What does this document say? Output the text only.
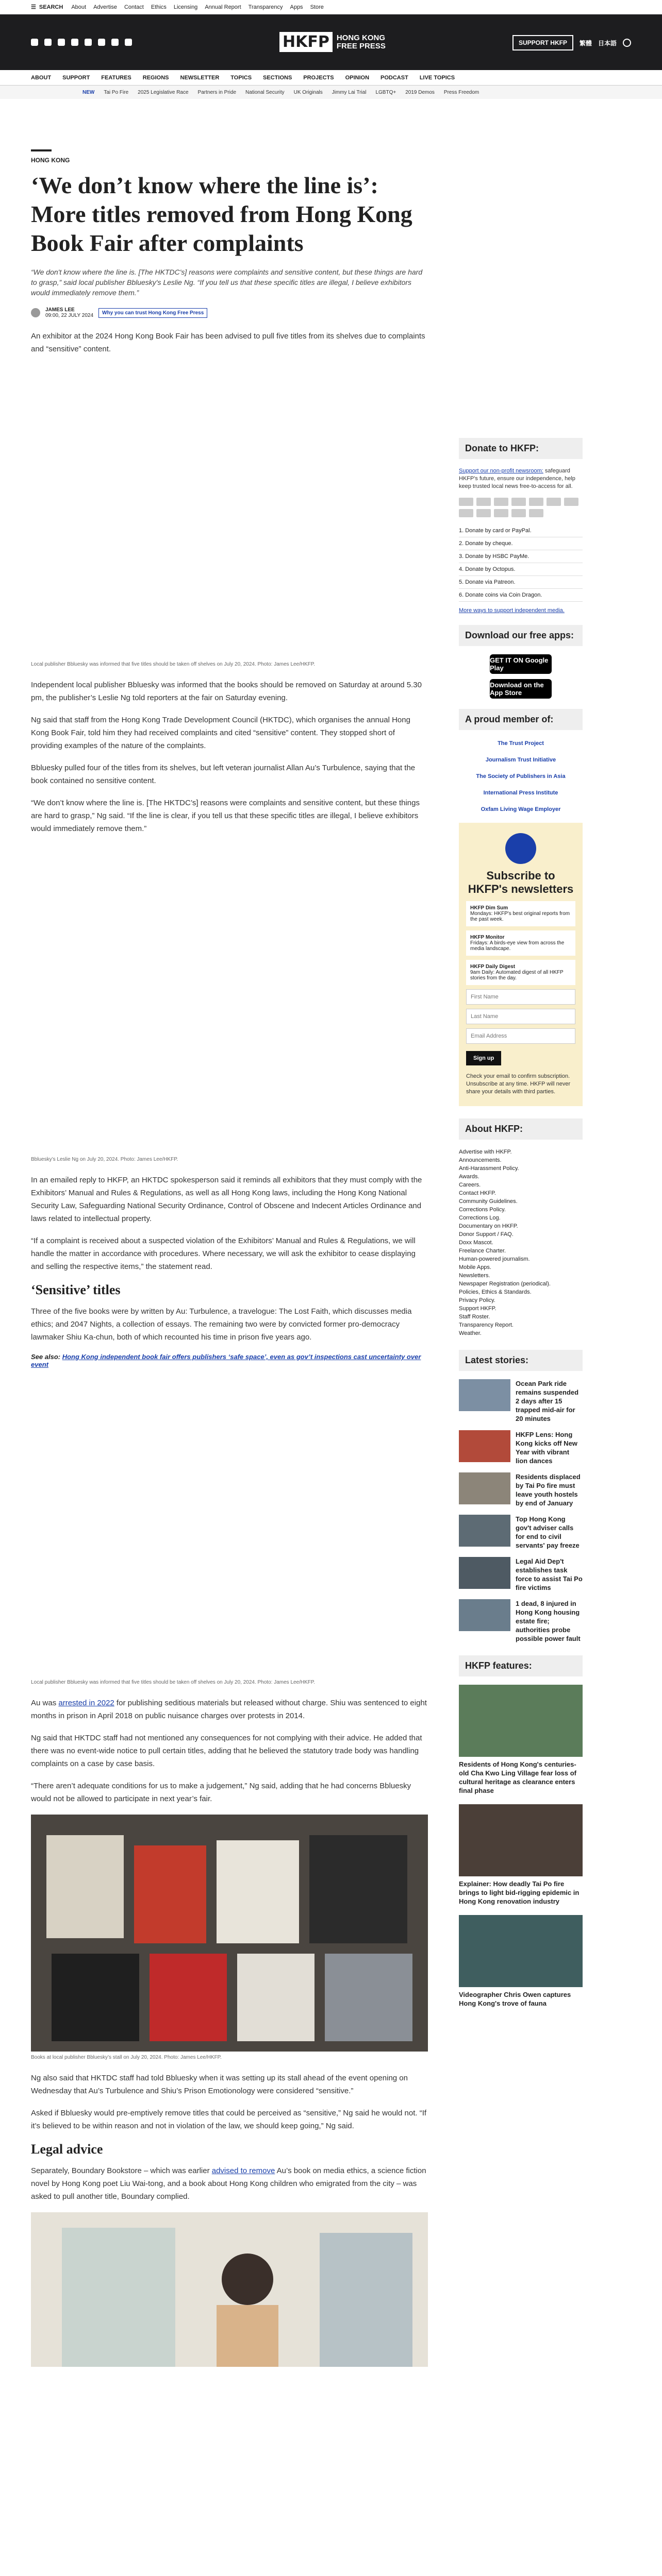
☰ SEARCH About Advertise Contact Ethics Licensing Annual Report Transparency Apps Store
HKFP HONG KONG
FREE PRESS	SUPPORT HKFP	繁體 日本語
ABOUT SUPPORT FEATURES REGIONS NEWSLETTER TOPICS SECTIONS PROJECTS OPINION PODCAST LIVE TOPICS
NEW Tai Po Fire 2025 Legislative Race Partners in Pride National Security UK Originals Jimmy Lai Trial LGBTQ+ 2019 Demos Press Freedom
HONG KONG
‘We don’t know where the line is’: More titles removed from Hong Kong Book Fair after complaints
“We don't know where the line is. [The HKTDC's] reasons were complaints and sensitive content, but these things are hard to grasp,” said local publisher Bbluesky's Leslie Ng. “If you tell us that these specific titles are illegal, I believe exhibitors would immediately remove them.”
JAMES LEE
09:00, 22 JULY 2024	Why you can trust Hong Kong Free Press

An exhibitor at the 2024 Hong Kong Book Fair has been advised to pull five titles from its shelves due to complaints and “sensitive” content.

Local publisher Bbluesky was informed that five titles should be taken off shelves on July 20, 2024. Photo: James Lee/HKFP.

Independent local publisher Bbluesky was informed that the books should be removed on Saturday at around 5.30 pm, the publisher’s Leslie Ng told reporters at the fair on Saturday evening.

Ng said that staff from the Hong Kong Trade Development Council (HKTDC), which organises the annual Hong Kong Book Fair, told him they had received complaints and cited “sensitive” content. They stopped short of providing examples of the nature of the complaints.

Bbluesky pulled four of the titles from its shelves, but left veteran journalist Allan Au’s Turbulence, saying that the book contained no sensitive content.

“We don’t know where the line is. [The HKTDC’s] reasons were complaints and sensitive content, but these things are hard to grasp,” Ng said. “If the line is clear, if you tell us that these specific titles are illegal, I believe exhibitors would immediately remove them.”

Bbluesky’s Leslie Ng on July 20, 2024. Photo: James Lee/HKFP.

In an emailed reply to HKFP, an HKTDC spokesperson said it reminds all exhibitors that they must comply with the Exhibitors’ Manual and Rules & Regulations, as well as all Hong Kong laws, including the Hong Kong National Security Law, Safeguarding National Security Ordinance, Control of Obscene and Indecent Articles Ordinance and laws related to intellectual property.

“If a complaint is received about a suspected violation of the Exhibitors’ Manual and Rules & Regulations, we will handle the matter in accordance with procedures. Where necessary, we will ask the exhibitor to cease displaying and selling the respective items,” the statement read.

‘Sensitive’ titles

Three of the five books were by written by Au: Turbulence, a travelogue: The Lost Faith, which discusses media ethics; and 2047 Nights, a collection of essays. The remaining two were by convicted former pro-democracy lawmaker Shiu Ka-chun, both of which recounted his time in prison five years ago.

See also: Hong Kong independent book fair offers publishers ‘safe space’, even as gov’t inspections cast uncertainty over event
Local publisher Bbluesky was informed that five titles should be taken off shelves on July 20, 2024. Photo: James Lee/HKFP.

Au was arrested in 2022 for publishing seditious materials but released without charge. Shiu was sentenced to eight months in prison in April 2018 on public nuisance charges over protests in 2014.

Ng said that HKTDC staff had not mentioned any consequences for not complying with their advice. He added that there was no event-wide notice to pull certain titles, adding that he believed the statutory trade body was handling complaints on a case by case basis.

“There aren’t adequate conditions for us to make a judgement,” Ng said, adding that he had concerns Bbluesky would not be allowed to participate in next year’s fair.

Books at local publisher Bbluesky’s stall on July 20, 2024. Photo: James Lee/HKFP.

Ng also said that HKTDC staff had told Bbluesky when it was setting up its stall ahead of the event opening on Wednesday that Au’s Turbulence and Shiu’s Prison Emotionology were considered “sensitive.”

Asked if Bbluesky would pre-emptively remove titles that could be perceived as “sensitive,” Ng said he would not. “If it’s believed to be within reason and not in violation of the law, we should keep going,” Ng said.

Legal advice

Separately, Boundary Bookstore – which was earlier advised to remove Au’s book on media ethics, a science fiction novel by Hong Kong poet Liu Wai-tong, and a book about Hong Kong children who emigrated from the city – was asked to pull another title, Boundary complied.

Donate to HKFP:
Support our non-profit newsroom: safeguard HKFP's future, ensure our independence, help keep trusted local news free-to-access for all.
1. Donate by card or PayPal.
2. Donate by cheque.
3. Donate by HSBC PayMe.
4. Donate by Octopus.
5. Donate via Patreon.
6. Donate coins via Coin Dragon.
More ways to support independent media.
Download our free apps:
GET IT ON Google Play
Download on the App Store
A proud member of:
The Trust Project
Journalism Trust Initiative
The Society of Publishers in Asia
International Press Institute
Oxfam Living Wage Employer
Subscribe to HKFP's newsletters
HKFP Dim Sum
Mondays: HKFP's best original reports from the past week.
HKFP Monitor
Fridays: A birds-eye view from across the media landscape.
HKFP Daily Digest
9am Daily: Automated digest of all HKFP stories from the day.
First Name
Last Name
Email Address
Sign up
Check your email to confirm subscription. Unsubscribe at any time. HKFP will never share your details with third parties.
About HKFP:
Advertise with HKFP.
Announcements.
Anti-Harassment Policy.
Awards.
Careers.
Contact HKFP.
Community Guidelines.
Corrections Policy.
Corrections Log.
Documentary on HKFP.
Donor Support / FAQ.
Doxx Mascot.
Freelance Charter.
Human-powered journalism.
Mobile Apps.
Newsletters.
Newspaper Registration (periodical).
Policies, Ethics & Standards.
Privacy Policy.
Support HKFP.
Staff Roster.
Transparency Report.
Weather.
Latest stories:
Ocean Park ride remains suspended 2 days after 15 trapped mid-air for 20 minutes
HKFP Lens: Hong Kong kicks off New Year with vibrant lion dances
Residents displaced by Tai Po fire must leave youth hostels by end of January
Top Hong Kong gov't adviser calls for end to civil servants' pay freeze
Legal Aid Dep't establishes task force to assist Tai Po fire victims
1 dead, 8 injured in Hong Kong housing estate fire; authorities probe possible power fault
HKFP features:
Residents of Hong Kong's centuries-old Cha Kwo Ling Village fear loss of cultural heritage as clearance enters final phase
Explainer: How deadly Tai Po fire brings to light bid-rigging epidemic in Hong Kong renovation industry
Videographer Chris Owen captures Hong Kong's trove of fauna
